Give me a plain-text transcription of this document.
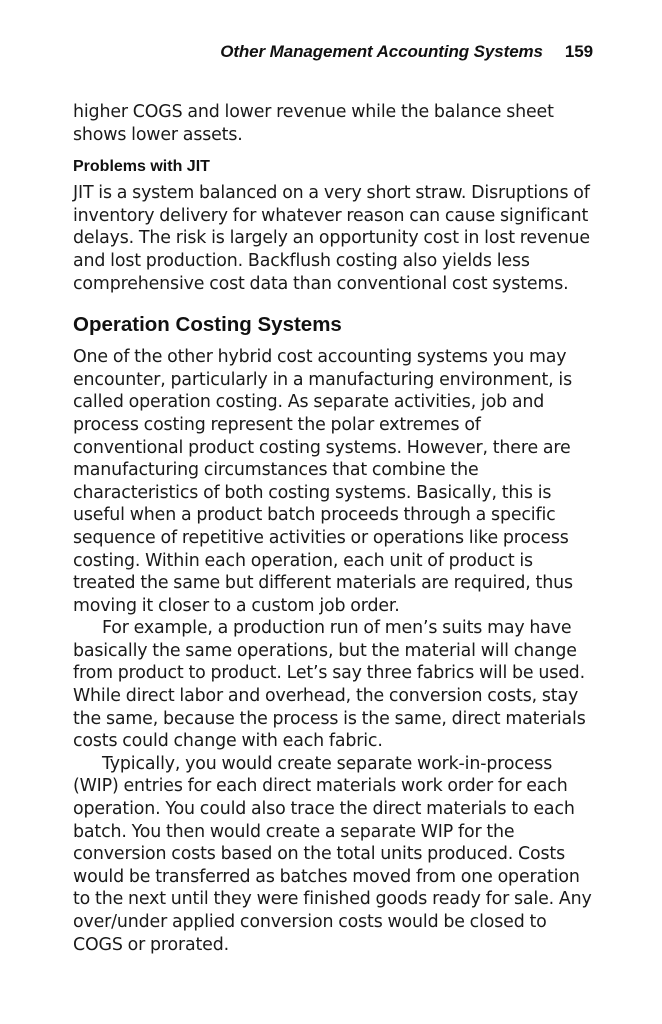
Other Management Accounting Systems 159

higher COGS and lower revenue while the balance sheet shows lower assets.

Problems with JIT

JIT is a system balanced on a very short straw. Disruptions of inventory delivery for whatever reason can cause significant delays. The risk is largely an opportunity cost in lost revenue and lost production. Backflush costing also yields less comprehensive cost data than conventional cost systems.

Operation Costing Systems

One of the other hybrid cost accounting systems you may encounter, particularly in a manufacturing environment, is called operation costing. As separate activities, job and process costing represent the polar extremes of conventional product costing systems. However, there are manufacturing circumstances that combine the characteristics of both costing systems. Basically, this is useful when a product batch proceeds through a specific sequence of repetitive activities or operations like process costing. Within each operation, each unit of product is treated the same but different materials are required, thus moving it closer to a custom job order.

For example, a production run of men’s suits may have basically the same operations, but the material will change from product to product. Let’s say three fabrics will be used. While direct labor and overhead, the conversion costs, stay the same, because the process is the same, direct materials costs could change with each fabric.

Typically, you would create separate work-in-process (WIP) entries for each direct materials work order for each operation. You could also trace the direct materials to each batch. You then would create a separate WIP for the conversion costs based on the total units produced. Costs would be transferred as batches moved from one operation to the next until they were finished goods ready for sale. Any over/under applied conversion costs would be closed to COGS or prorated.
